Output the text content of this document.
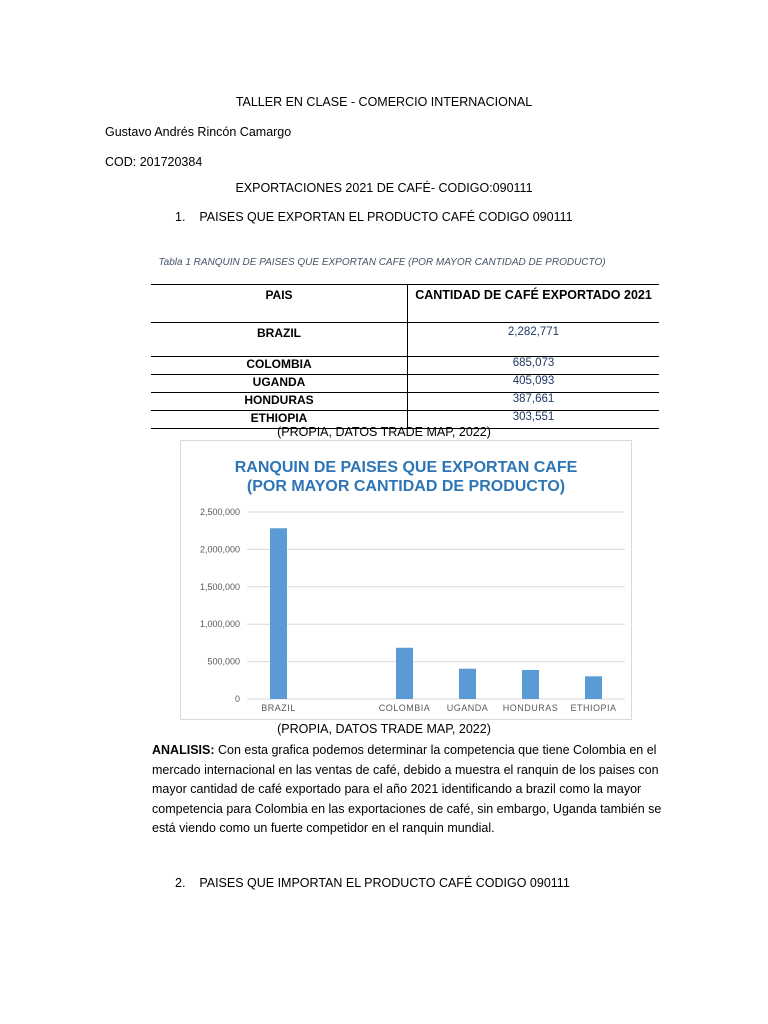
TALLER EN CLASE - COMERCIO INTERNACIONAL
Gustavo Andrés Rincón Camargo
COD: 201720384
EXPORTACIONES 2021 DE CAFÉ- CODIGO:090111
1.    PAISES QUE EXPORTAN EL PRODUCTO CAFÉ CODIGO 090111
Tabla 1 RANQUIN DE PAISES QUE EXPORTAN CAFE (POR MAYOR CANTIDAD DE PRODUCTO)
PAIS	CANTIDAD DE CAFÉ EXPORTADO 2021
BRAZIL	2,282,771
COLOMBIA	685,073
UGANDA	405,093
HONDURAS	387,661
ETHIOPIA	303,551
(PROPIA, DATOS TRADE MAP, 2022)
RANQUIN DE PAISES QUE EXPORTAN CAFE
(POR MAYOR CANTIDAD DE PRODUCTO)
0
500,000
1,000,000
1,500,000
2,000,000
2,500,000
BRAZIL	COLOMBIA UGANDA HONDURAS ETHIOPIA
(PROPIA, DATOS TRADE MAP, 2022)
ANALISIS: Con esta grafica podemos determinar la competencia que tiene Colombia en el mercado internacional en las ventas de café, debido a muestra el ranquin de los paises con mayor cantidad de café exportado para el año 2021 identificando a brazil como la mayor competencia para Colombia en las exportaciones de café, sin embargo, Uganda también se está viendo como un fuerte competidor en el ranquin mundial.
2.    PAISES QUE IMPORTAN EL PRODUCTO CAFÉ CODIGO 090111
